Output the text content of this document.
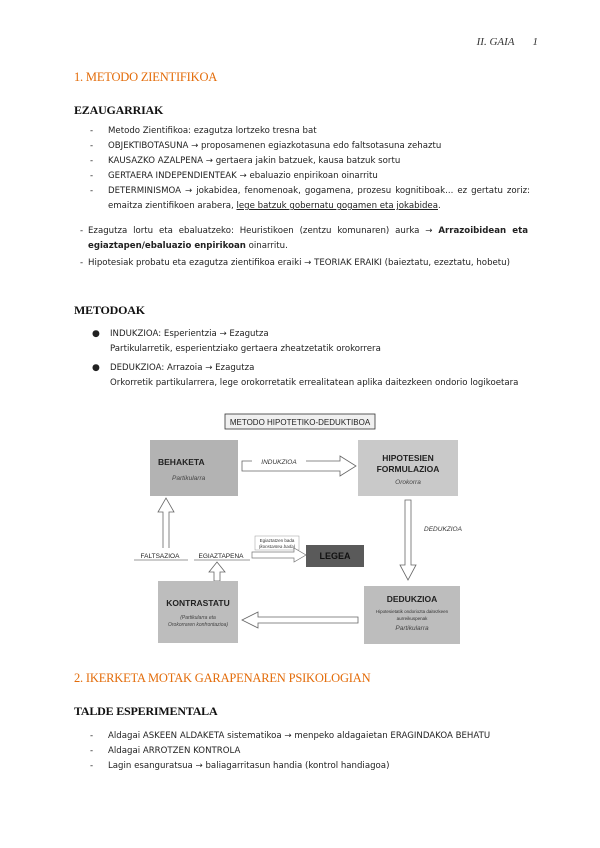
II. GAIA 1
1. METODO ZIENTIFIKOA
EZAUGARRIAK
- Metodo Zientifikoa: ezagutza lortzeko tresna bat
- OBJEKTIBOTASUNA → proposamenen egiazkotasuna edo faltsotasuna zehaztu
- KAUSAZKO AZALPENA → gertaera jakin batzuek, kausa batzuk sortu
- GERTAERA INDEPENDIENTEAK → ebaluazio enpirikoan oinarritu
- DETERMINISMOA → jokabidea, fenomenoak, gogamena, prozesu kognitiboak... ez gertatu zoriz: emaitza zientifikoen arabera, lege batzuk gobernatu gogamen eta jokabidea.
- Ezagutza lortu eta ebaluatzeko: Heuristikoen (zentzu komunaren) aurka → Arrazoibidean eta egiaztapen/ebaluazio enpirikoan oinarritu.
- Hipotesiak probatu eta ezagutza zientifikoa eraiki → TEORIAK ERAIKI (baieztatu, ezeztatu, hobetu)
METODOAK
● INDUKZIOA: Esperientzia → Ezagutza
Partikularretik, esperientziako gertaera zheatzetatik orokorrera
● DEDUKZIOA: Arrazoia → Ezagutza
Orkorretik partikularrera, lege orokorretatik errealitatean aplika daitezkeen ondorio logikoetara
METODO HIPOTETIKO-DEDUKTIBOA
BEHAKETA
Partikularra
HIPOTESIEN
FORMULAZIOA
Orokorra
INDUKZIOA
DEDUKZIOA
Egiaztatzen bada
(konstantea bada)
FALTSAZIOA	EGIAZTAPENA	LEGEA
KONTRASTATU
(Partikularra eta
Orokorraren konfrontazioa)
DEDUKZIOA
Hipotesietatik ondoriozta daitezkeen
aurreikuspenak
Partikularra
2. IKERKETA MOTAK GARAPENAREN PSIKOLOGIAN
TALDE ESPERIMENTALA
- Aldagai ASKEEN ALDAKETA sistematikoa → menpeko aldagaietan ERAGINDAKOA BEHATU
- Aldagai ARROTZEN KONTROLA
- Lagin esanguratsua → baliagarritasun handia (kontrol handiagoa)
